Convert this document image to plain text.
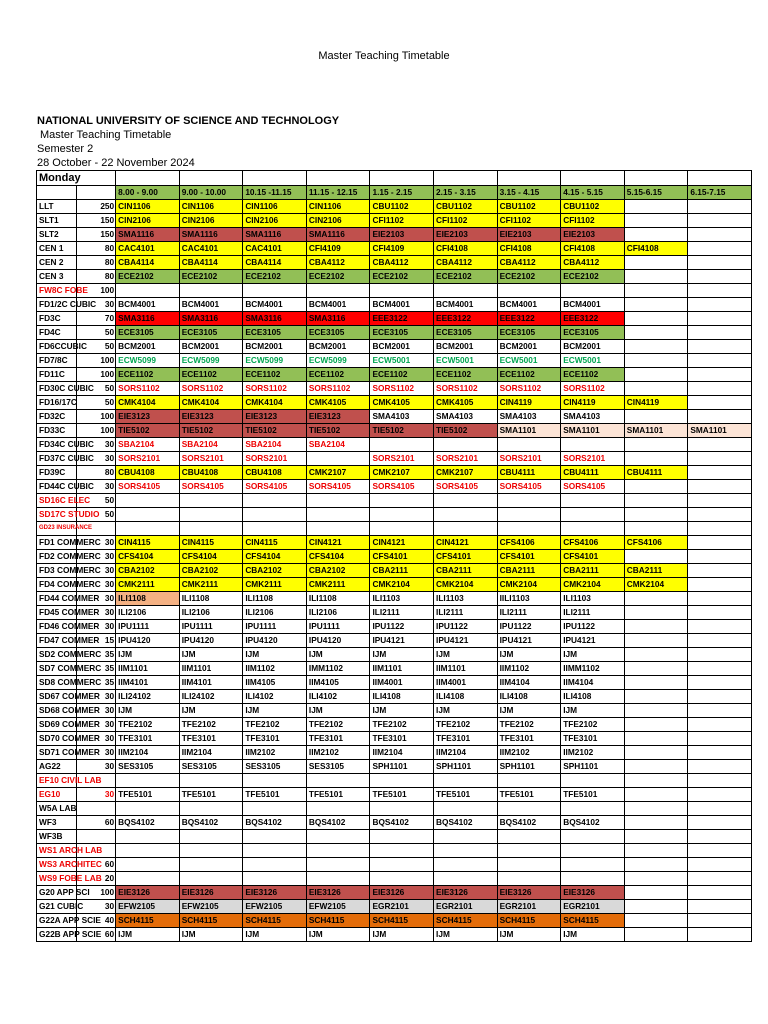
Master Teaching Timetable
NATIONAL UNIVERSITY OF SCIENCE AND TECHNOLOGY
Master Teaching Timetable
Semester 2
28 October - 22 November 2024
Monday											
		8.00 - 9.00	9.00 - 10.00	10.15 -11.15	11.15 - 12.15	1.15 - 2.15	2.15 - 3.15	3.15 - 4.15	4.15 - 5.15	5.15-6.15	6.15-7.15
LLT	250	CIN1106	CIN1106	CIN1106	CIN1106	CBU1102	CBU1102	CBU1102	CBU1102		
SLT1	150	CIN2106	CIN2106	CIN2106	CIN2106	CFI1102	CFI1102	CFI1102	CFI1102		
SLT2	150	SMA1116	SMA1116	SMA1116	SMA1116	EIE2103	EIE2103	EIE2103	EIE2103		
CEN 1	80	CAC4101	CAC4101	CAC4101	CFI4109	CFI4109	CFI4108	CFI4108	CFI4108	CFI4108	
CEN 2	80	CBA4114	CBA4114	CBA4114	CBA4112	CBA4112	CBA4112	CBA4112	CBA4112		
CEN 3	80	ECE2102	ECE2102	ECE2102	ECE2102	ECE2102	ECE2102	ECE2102	ECE2102		
FW8C FOBE	100										
FD1/2C CUBIC	30	BCM4001	BCM4001	BCM4001	BCM4001	BCM4001	BCM4001	BCM4001	BCM4001		
FD3C	70	SMA3116	SMA3116	SMA3116	SMA3116	EEE3122	EEE3122	EEE3122	EEE3122		
FD4C	50	ECE3105	ECE3105	ECE3105	ECE3105	ECE3105	ECE3105	ECE3105	ECE3105		
FD6CCUBIC	50	BCM2001	BCM2001	BCM2001	BCM2001	BCM2001	BCM2001	BCM2001	BCM2001		
FD7/8C	100	ECW5099	ECW5099	ECW5099	ECW5099	ECW5001	ECW5001	ECW5001	ECW5001		
FD11C	100	ECE1102	ECE1102	ECE1102	ECE1102	ECE1102	ECE1102	ECE1102	ECE1102		
FD30C CUBIC	50	SORS1102	SORS1102	SORS1102	SORS1102	SORS1102	SORS1102	SORS1102	SORS1102		
FD16/17C	50	CMK4104	CMK4104	CMK4104	CMK4105	CMK4105	CMK4105	CIN4119	CIN4119	CIN4119	
FD32C	100	EIE3123	EIE3123	EIE3123	EIE3123	SMA4103	SMA4103	SMA4103	SMA4103		
FD33C	100	TIE5102	TIE5102	TIE5102	TIE5102	TIE5102	TIE5102	SMA1101	SMA1101	SMA1101	SMA1101
FD34C CUBIC	30	SBA2104	SBA2104	SBA2104	SBA2104						
FD37C CUBIC	30	SORS2101	SORS2101	SORS2101		SORS2101	SORS2101	SORS2101	SORS2101		
FD39C	80	CBU4108	CBU4108	CBU4108	CMK2107	CMK2107	CMK2107	CBU4111	CBU4111	CBU4111	
FD44C CUBIC	30	SORS4105	SORS4105	SORS4105	SORS4105	SORS4105	SORS4105	SORS4105	SORS4105		
SD16C ELEC	50										
SD17C STUDIO	50										
GD23 INSURANCE											
FD1 COMMERC	30	CIN4115	CIN4115	CIN4115	CIN4121	CIN4121	CIN4121	CFS4106	CFS4106	CFS4106	
FD2 COMMERC	30	CFS4104	CFS4104	CFS4104	CFS4104	CFS4101	CFS4101	CFS4101	CFS4101		
FD3 COMMERC	30	CBA2102	CBA2102	CBA2102	CBA2102	CBA2111	CBA2111	CBA2111	CBA2111	CBA2111	
FD4 COMMERC	30	CMK2111	CMK2111	CMK2111	CMK2111	CMK2104	CMK2104	CMK2104	CMK2104	CMK2104	
FD44 COMMER	30	ILI1108	ILI1108	ILI1108	ILI1108	ILI1103	ILI1103	IILI1103	ILI1103		
FD45 COMMER	30	ILI2106	ILI2106	ILI2106	ILI2106	ILI2111	ILI2111	ILI2111	ILI2111		
FD46 COMMER	30	IPU1111	IPU1111	IPU1111	IPU1111	IPU1122	IPU1122	IPU1122	IPU1122		
FD47 COMMER	15	IPU4120	IPU4120	IPU4120	IPU4120	IPU4121	IPU4121	IPU4121	IPU4121		
SD2 COMMERC	35	IJM	IJM	IJM	IJM	IJM	IJM	IJM	IJM		
SD7 COMMERC	35	IIM1101	IIM1101	IIM1102	IMM1102	IIM1101	IIM1101	IIM1102	IIMM1102		
SD8 COMMERC	35	IIM4101	IIM4101	IIM4105	IIM4105	IIM4001	IIM4001	IIM4104	IIM4104		
SD67 COMMER	30	ILI24102	ILI24102	ILI4102	ILI4102	ILI4108	ILI4108	ILI4108	ILI4108		
SD68 COMMER	30	IJM	IJM	IJM	IJM	IJM	IJM	IJM	IJM		
SD69 COMMER	30	TFE2102	TFE2102	TFE2102	TFE2102	TFE2102	TFE2102	TFE2102	TFE2102		
SD70 COMMER	30	TFE3101	TFE3101	TFE3101	TFE3101	TFE3101	TFE3101	TFE3101	TFE3101		
SD71 COMMER	30	IIM2104	IIM2104	IIM2102	IIM2102	IIM2104	IIM2104	IIM2102	IIM2102		
AG22	30	SES3105	SES3105	SES3105	SES3105	SPH1101	SPH1101	SPH1101	SPH1101		
EF10 CIVIL LAB											
EG10	30	TFE5101	TFE5101	TFE5101	TFE5101	TFE5101	TFE5101	TFE5101	TFE5101		
W5A LAB											
WF3	60	BQS4102	BQS4102	BQS4102	BQS4102	BQS4102	BQS4102	BQS4102	BQS4102		
WF3B											
WS1 ARCH LAB											
WS3 ARCHITEC	60										
WS9 FOBE LAB	20										
G20 APP SCI	100	EIE3126	EIE3126	EIE3126	EIE3126	EIE3126	EIE3126	EIE3126	EIE3126		
G21 CUBIC	30	EFW2105	EFW2105	EFW2105	EFW2105	EGR2101	EGR2101	EGR2101	EGR2101		
G22A APP SCIE	40	SCH4115	SCH4115	SCH4115	SCH4115	SCH4115	SCH4115	SCH4115	SCH4115		
G22B APP SCIE	60	IJM	IJM	IJM	IJM	IJM	IJM	IJM	IJM		
